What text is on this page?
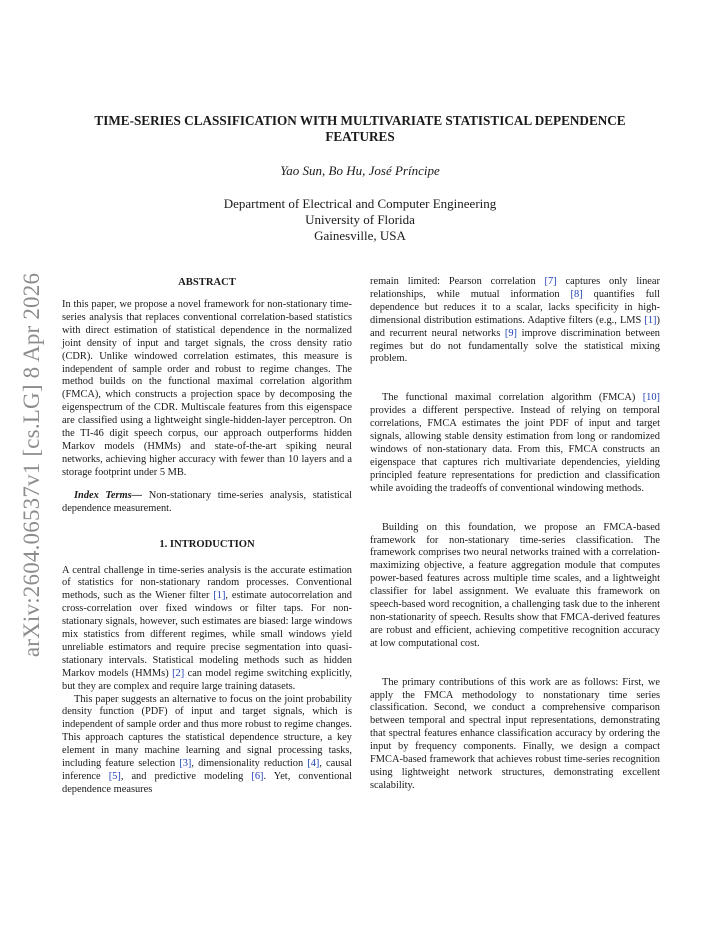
arXiv:2604.06537v1 [cs.LG] 8 Apr 2026
TIME-SERIES CLASSIFICATION WITH MULTIVARIATE STATISTICAL DEPENDENCE
FEATURES
Yao Sun, Bo Hu, José Príncipe
Department of Electrical and Computer Engineering
University of Florida
Gainesville, USA
ABSTRACT

In this paper, we propose a novel framework for non-stationary time-series analysis that replaces conventional correlation-based statistics with direct estimation of statistical dependence in the normalized joint density of input and target signals, the cross density ratio (CDR). Unlike windowed correlation estimates, this measure is independent of sample order and robust to regime changes. The method builds on the functional maximal correlation algorithm (FMCA), which constructs a projection space by decomposing the eigenspectrum of the CDR. Multiscale features from this eigenspace are classified using a lightweight single-hidden-layer perceptron. On the TI-46 digit speech corpus, our approach outperforms hidden Markov models (HMMs) and state-of-the-art spiking neural networks, achieving higher accuracy with fewer than 10 layers and a storage footprint under 5 MB.

Index Terms— Non-stationary time-series analysis, statistical dependence measurement.

1. INTRODUCTION

A central challenge in time-series analysis is the accurate estimation of statistics for non-stationary random processes. Conventional methods, such as the Wiener filter [1], estimate autocorrelation and cross-correlation over fixed windows or filter taps. For non-stationary signals, however, such estimates are biased: large windows mix statistics from different regimes, while small windows yield unreliable estimators and require precise segmentation into quasi-stationary intervals. Statistical modeling methods such as hidden Markov models (HMMs) [2] can model regime switching explicitly, but they are complex and require large training datasets.

This paper suggests an alternative to focus on the joint probability density function (PDF) of input and target signals, which is independent of sample order and thus more robust to regime changes. This approach captures the statistical dependence structure, a key element in many machine learning and signal processing tasks, including feature selection [3], dimensionality reduction [4], causal inference [5], and predictive modeling [6]. Yet, conventional dependence measures

remain limited: Pearson correlation [7] captures only linear relationships, while mutual information [8] quantifies full dependence but reduces it to a scalar, lacks specificity in high-dimensional distribution estimations. Adaptive filters (e.g., LMS [1]) and recurrent neural networks [9] improve discrimination between regimes but do not fundamentally solve the statistical mixing problem.

The functional maximal correlation algorithm (FMCA) [10] provides a different perspective. Instead of relying on temporal correlations, FMCA estimates the joint PDF of input and target signals, allowing stable density estimation from long or randomized windows of non-stationary data. From this, FMCA constructs an eigenspace that captures rich multivariate dependencies, yielding principled feature representations for prediction and classification while avoiding the tradeoffs of conventional windowing methods.

Building on this foundation, we propose an FMCA-based framework for non-stationary time-series classification. The framework comprises two neural networks trained with a correlation-maximizing objective, a feature aggregation module that computes power-based features across multiple time scales, and a lightweight classifier for label assignment. We evaluate this framework on speech-based word recognition, a challenging task due to the inherent non-stationarity of speech. Results show that FMCA-derived features are robust and efficient, achieving competitive recognition accuracy at low computational cost.

The primary contributions of this work are as follows: First, we apply the FMCA methodology to nonstationary time series classification. Second, we conduct a comprehensive comparison between temporal and spectral input representations, demonstrating that spectral features enhance classification accuracy by ordering the input by frequency components. Finally, we design a compact FMCA-based framework that achieves robust time-series recognition using lightweight network structures, demonstrating excellent scalability.
